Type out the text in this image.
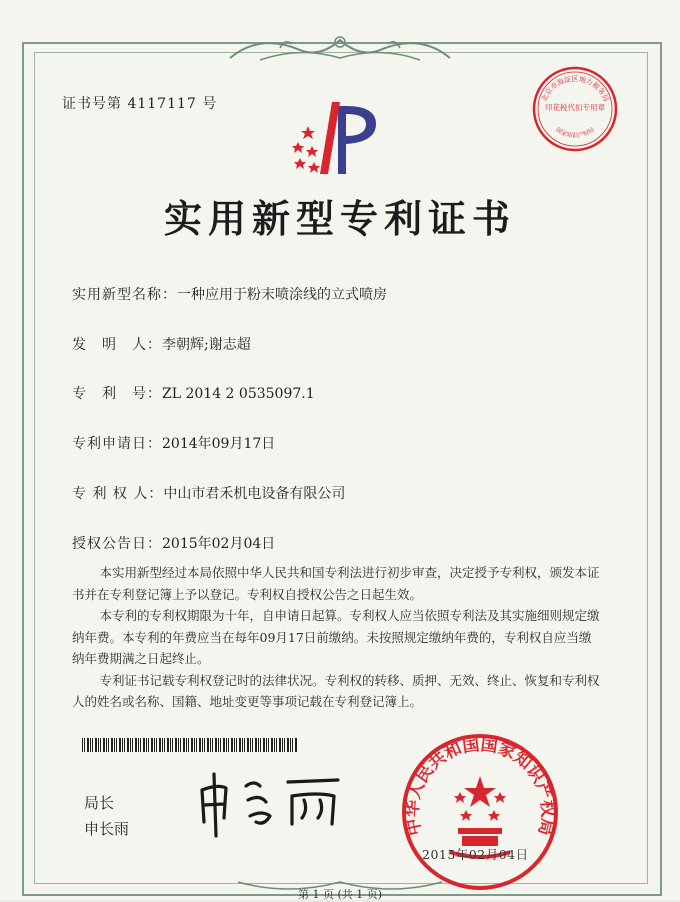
证书号第 4117117 号
实用新型专利证书
实用新型名称：一种应用于粉末喷涂线的立式喷房
发　明　人：李朝辉;谢志超
专　利　号：ZL 2014 2 0535097.1
专利申请日：2014年09月17日
专 利 权 人：中山市君禾机电设备有限公司
授权公告日：2015年02月04日

本实用新型经过本局依照中华人民共和国专利法进行初步审查，决定授予专利权，颁发本证书并在专利登记簿上予以登记。专利权自授权公告之日起生效。

本专利的专利权期限为十年，自申请日起算。专利权人应当依照专利法及其实施细则规定缴纳年费。本专利的年费应当在每年09月17日前缴纳。未按照规定缴纳年费的，专利权自应当缴纳年费期满之日起终止。

专利证书记载专利权登记时的法律状况。专利权的转移、质押、无效、终止、恢复和专利权人的姓名或名称、国籍、地址变更等事项记载在专利登记簿上。

局长
申长雨
北京市海淀区地方税务局
印花税代扣专用章
国家知识产权局
中华人民共和国国家知识产权局
2015年02月04日
第 1 页 (共 1 页)
